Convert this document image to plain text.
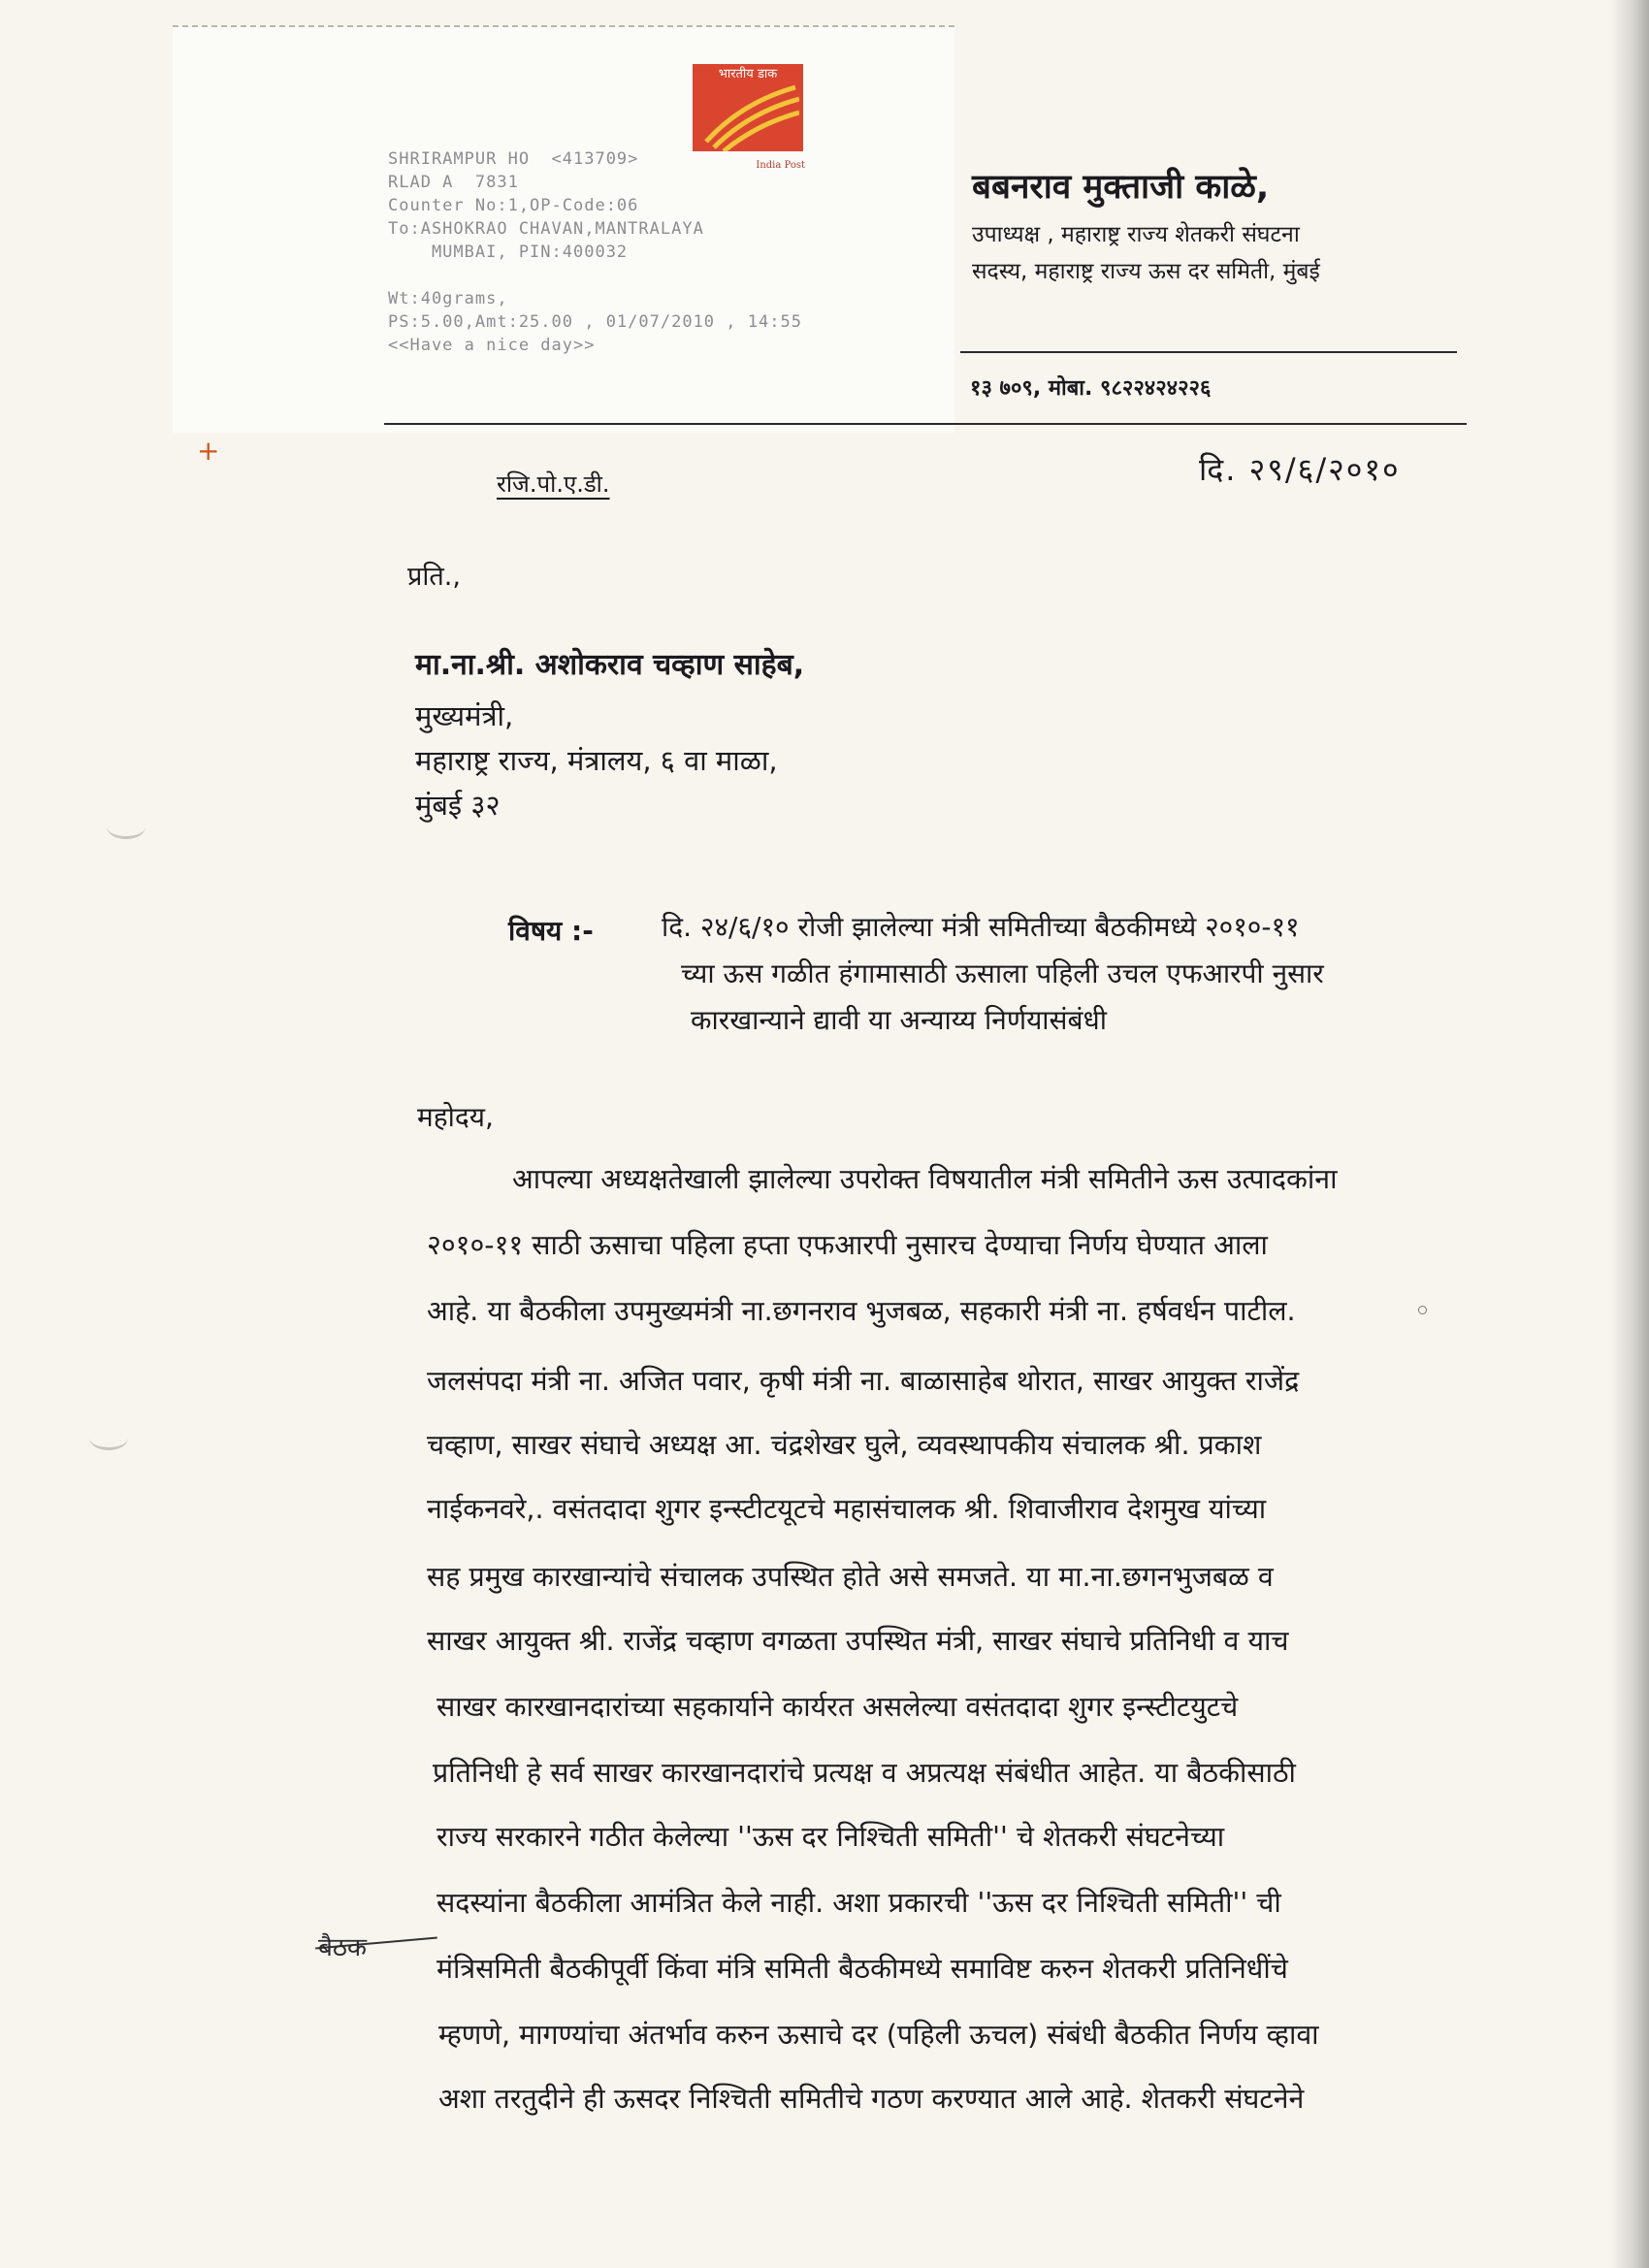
+
SHRIRAMPUR HO  <413709>
RLAD A  7831
Counter No:1,OP-Code:06
To:ASHOKRAO CHAVAN,MANTRALAYA
MUMBAI, PIN:400032
Wt:40grams,
PS:5.00,Amt:25.00 , 01/07/2010 , 14:55
<<Have a nice day>>
भारतीय डाक
India Post
बबनराव मुक्ताजी काळे,
उपाध्यक्ष , महाराष्ट्र राज्य शेतकरी संघटना
सदस्य, महाराष्ट्र राज्य ऊस दर समिती, मुंबई
१३ ७०९, मोबा. ९८२२४२४२२६
रजि.पो.ए.डी.	दि. २९/६/२०१०
प्रति.,
मा.ना.श्री. अशोकराव चव्हाण साहेब,
मुख्यमंत्री,
महाराष्ट्र राज्य, मंत्रालय, ६ वा माळा,
मुंबई ३२
विषय :-	दि. २४/६/१० रोजी झालेल्या मंत्री समितीच्या बैठकीमध्ये २०१०-११
च्या ऊस गळीत हंगामासाठी ऊसाला पहिली उचल एफआरपी नुसार
कारखान्याने द्यावी या अन्याय्य निर्णयासंबंधी
महोदय,
आपल्या अध्यक्षतेखाली झालेल्या उपरोक्त विषयातील मंत्री समितीने ऊस उत्पादकांना
२०१०-११ साठी ऊसाचा पहिला हप्ता एफआरपी नुसारच देण्याचा निर्णय घेण्यात आला
आहे. या बैठकीला उपमुख्यमंत्री ना.छगनराव भुजबळ, सहकारी मंत्री ना. हर्षवर्धन पाटील.
जलसंपदा मंत्री ना. अजित पवार, कृषी मंत्री ना. बाळासाहेब थोरात, साखर आयुक्त राजेंद्र
चव्हाण, साखर संघाचे अध्यक्ष आ. चंद्रशेखर घुले, व्यवस्थापकीय संचालक श्री. प्रकाश
नाईकनवरे,. वसंतदादा शुगर इन्स्टीटयूटचे महासंचालक श्री. शिवाजीराव देशमुख यांच्या
सह प्रमुख कारखान्यांचे संचालक उपस्थित होते असे समजते. या मा.ना.छगनभुजबळ व
साखर आयुक्त श्री. राजेंद्र चव्हाण वगळता उपस्थित मंत्री, साखर संघाचे प्रतिनिधी व याच
साखर कारखानदारांच्या सहकार्याने कार्यरत असलेल्या वसंतदादा शुगर इन्स्टीटयुटचे
प्रतिनिधी हे सर्व साखर कारखानदारांचे प्रत्यक्ष व अप्रत्यक्ष संबंधीत आहेत. या बैठकीसाठी
राज्य सरकारने गठीत केलेल्या ''ऊस दर निश्चिती समिती'' चे शेतकरी संघटनेच्या
सदस्यांना बैठकीला आमंत्रित केले नाही. अशा प्रकारची ''ऊस दर निश्चिती समिती'' ची
मंत्रिसमिती बैठकीपूर्वी किंवा मंत्रि समिती बैठकीमध्ये समाविष्ट करुन शेतकरी प्रतिनिधींचे
म्हणणे, मागण्यांचा अंतर्भाव करुन ऊसाचे दर (पहिली ऊचल) संबंधी बैठकीत निर्णय व्हावा
अशा तरतुदीने ही ऊसदर निश्चिती समितीचे गठण करण्यात आले आहे. शेतकरी संघटनेने
बैठक
